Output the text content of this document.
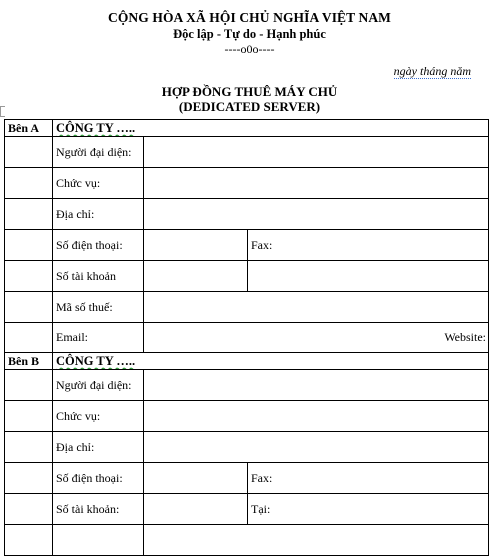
CỘNG HÒA XÃ HỘI CHỦ NGHĨA VIỆT NAM
Độc lập - Tự do - Hạnh phúc
----o0o----
ngày tháng năm
HỢP ĐỒNG THUÊ MÁY CHỦ
(DEDICATED SERVER)
Bên A	CÔNG TY …..		
	Người đại diện:		
	Chức vụ:		
	Địa chỉ:		
	Số điện thoại:		Fax:
	Số tài khoản		
	Mã số thuế:		
	Email:	Website:	
Bên B	CÔNG TY …..		
	Người đại diện:		
	Chức vụ:		
	Địa chỉ:		
	Số điện thoại:		Fax:
	Số tài khoản:		Tại:
